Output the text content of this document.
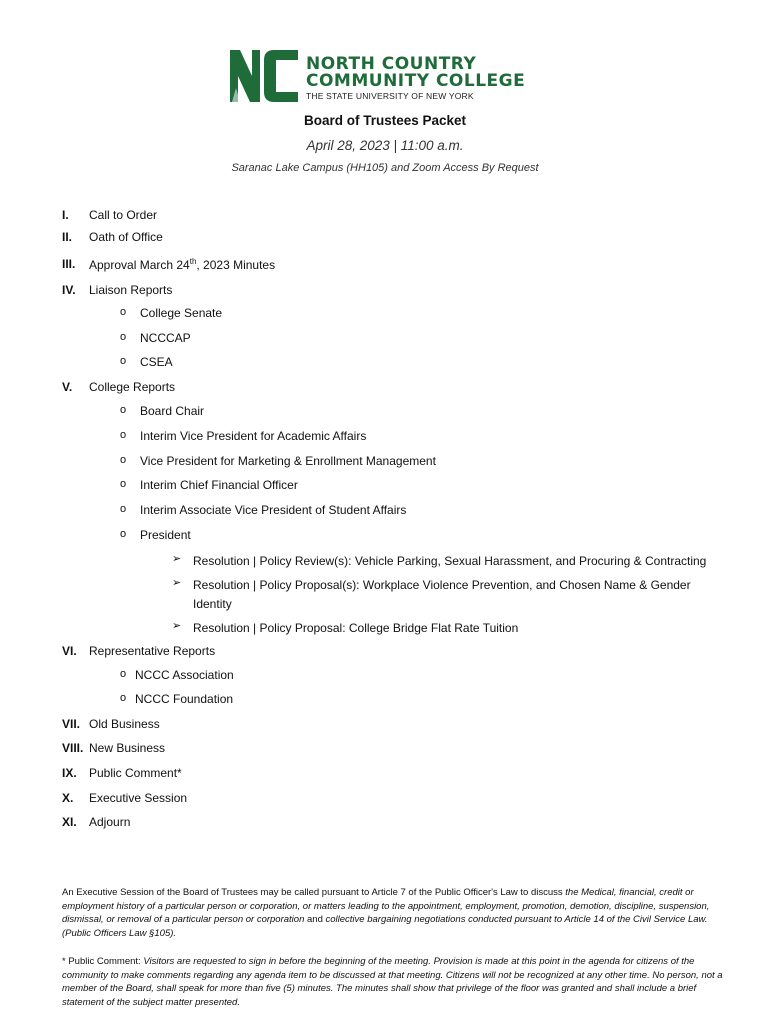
NORTH COUNTRY
COMMUNITY COLLEGE
THE STATE UNIVERSITY OF NEW YORK
Board of Trustees Packet
April 28, 2023 | 11:00 a.m.
Saranac Lake Campus (HH105) and Zoom Access By Request
I. Call to Order
II. Oath of Office
III. Approval March 24th, 2023 Minutes
IV. Liaison Reports
o College Senate
o NCCCAP
o CSEA
V. College Reports
o Board Chair
o Interim Vice President for Academic Affairs
o Vice President for Marketing & Enrollment Management
o Interim Chief Financial Officer
o Interim Associate Vice President of Student Affairs
o President
➢ Resolution | Policy Review(s): Vehicle Parking, Sexual Harassment, and Procuring & Contracting
➢ Resolution | Policy Proposal(s): Workplace Violence Prevention, and Chosen Name & Gender Identity
➢ Resolution | Policy Proposal: College Bridge Flat Rate Tuition
VI. Representative Reports
o NCCC Association
o NCCC Foundation
VII. Old Business
VIII. New Business
IX. Public Comment*
X. Executive Session
XI. Adjourn
An Executive Session of the Board of Trustees may be called pursuant to Article 7 of the Public Officer's Law to discuss the Medical, financial, credit or employment history of a particular person or corporation, or matters leading to the appointment, employment, promotion, demotion, discipline, suspension, dismissal, or removal of a particular person or corporation and collective bargaining negotiations conducted pursuant to Article 14 of the Civil Service Law. (Public Officers Law §105).
* Public Comment: Visitors are requested to sign in before the beginning of the meeting. Provision is made at this point in the agenda for citizens of the community to make comments regarding any agenda item to be discussed at that meeting. Citizens will not be recognized at any other time. No person, not a member of the Board, shall speak for more than five (5) minutes. The minutes shall show that privilege of the floor was granted and shall include a brief statement of the subject matter presented.
